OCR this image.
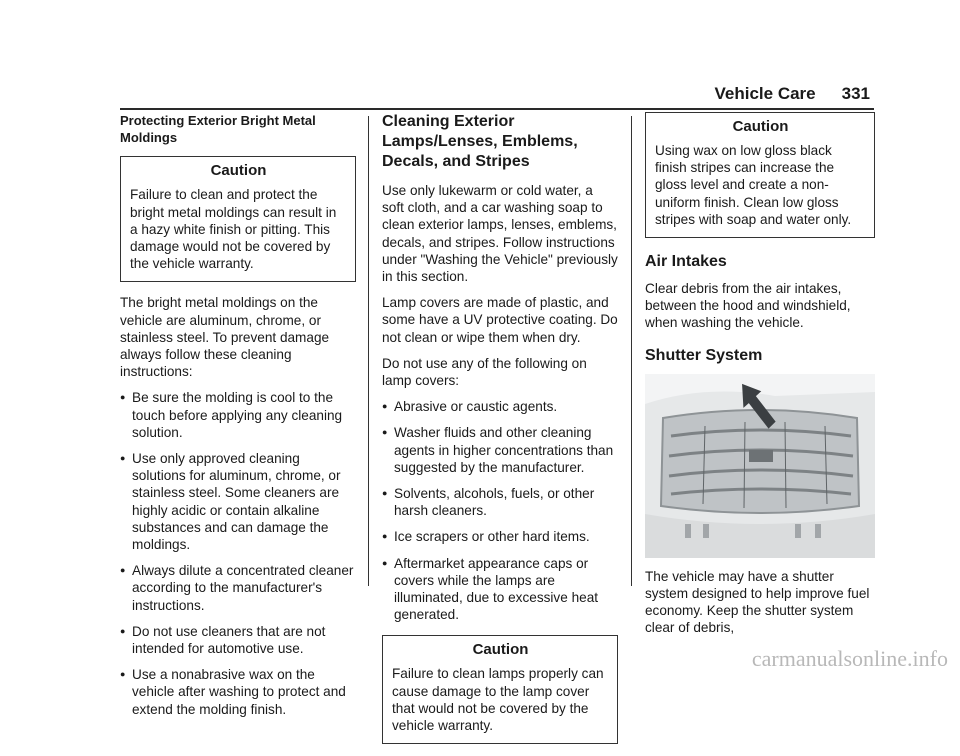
Vehicle Care 331
Protecting Exterior Bright Metal Moldings
Caution
Failure to clean and protect the bright metal moldings can result in a hazy white finish or pitting. This damage would not be covered by the vehicle warranty.

The bright metal moldings on the vehicle are aluminum, chrome, or stainless steel. To prevent damage always follow these cleaning instructions:

● Be sure the molding is cool to the touch before applying any cleaning solution.
● Use only approved cleaning solutions for aluminum, chrome, or stainless steel. Some cleaners are highly acidic or contain alkaline substances and can damage the moldings.
● Always dilute a concentrated cleaner according to the manufacturer's instructions.
● Do not use cleaners that are not intended for automotive use.
● Use a nonabrasive wax on the vehicle after washing to protect and extend the molding finish.
Cleaning Exterior Lamps/Lenses, Emblems, Decals, and Stripes

Use only lukewarm or cold water, a soft cloth, and a car washing soap to clean exterior lamps, lenses, emblems, decals, and stripes. Follow instructions under "Washing the Vehicle" previously in this section.

Lamp covers are made of plastic, and some have a UV protective coating. Do not clean or wipe them when dry.

Do not use any of the following on lamp covers:

● Abrasive or caustic agents.
● Washer fluids and other cleaning agents in higher concentrations than suggested by the manufacturer.
● Solvents, alcohols, fuels, or other harsh cleaners.
● Ice scrapers or other hard items.
● Aftermarket appearance caps or covers while the lamps are illuminated, due to excessive heat generated.
Caution
Failure to clean lamps properly can cause damage to the lamp cover that would not be covered by the vehicle warranty.
Caution
Using wax on low gloss black finish stripes can increase the gloss level and create a non-uniform finish. Clean low gloss stripes with soap and water only.
Air Intakes

Clear debris from the air intakes, between the hood and windshield, when washing the vehicle.

Shutter System

The vehicle may have a shutter system designed to help improve fuel economy. Keep the shutter system clear of debris,

carmanualsonline.info
